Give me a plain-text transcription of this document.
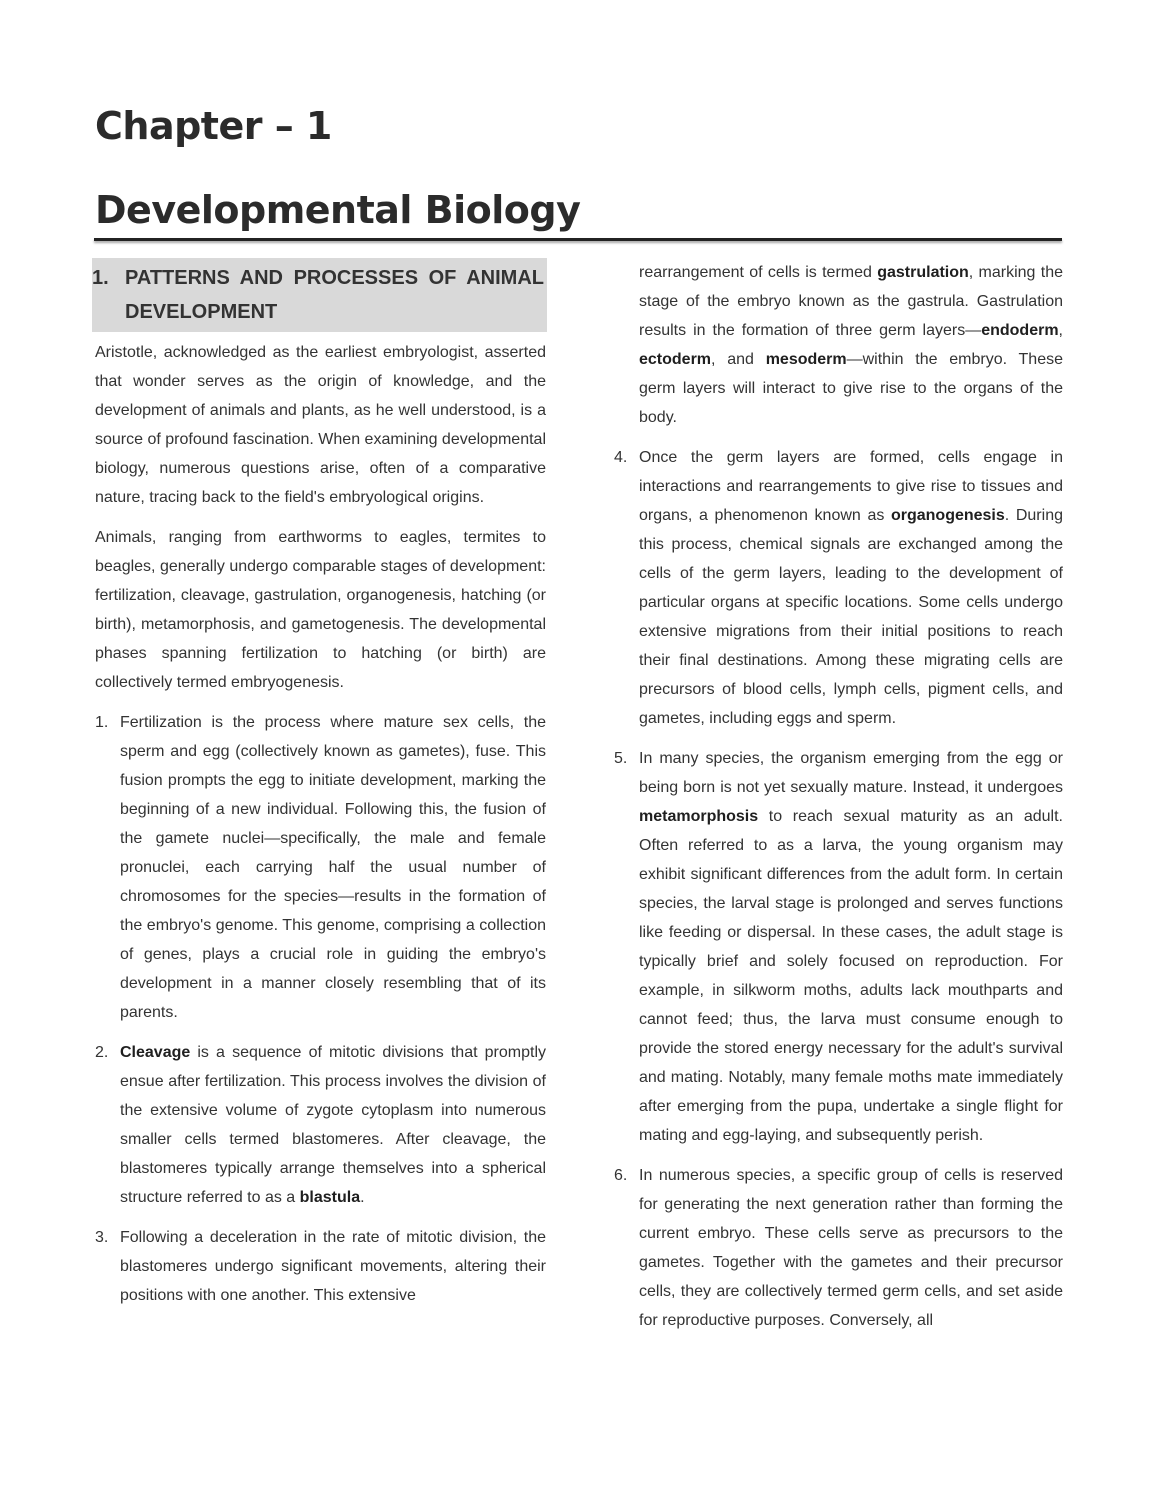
Chapter – 1
Developmental Biology
1. PATTERNS AND PROCESSES OF ANIMAL DEVELOPMENT

Aristotle, acknowledged as the earliest embryologist, asserted that wonder serves as the origin of knowledge, and the development of animals and plants, as he well understood, is a source of profound fascination. When examining developmental biology, numerous questions arise, often of a comparative nature, tracing back to the field's embryological origins.

Animals, ranging from earthworms to eagles, termites to beagles, generally undergo comparable stages of development: fertilization, cleavage, gastrulation, organogenesis, hatching (or birth), metamorphosis, and gametogenesis. The developmental phases spanning fertilization to hatching (or birth) are collectively termed embryogenesis.

1. Fertilization is the process where mature sex cells, the sperm and egg (collectively known as gametes), fuse. This fusion prompts the egg to initiate development, marking the beginning of a new individual. Following this, the fusion of the gamete nuclei—specifically, the male and female pronuclei, each carrying half the usual number of chromosomes for the species—results in the formation of the embryo's genome. This genome, comprising a collection of genes, plays a crucial role in guiding the embryo's development in a manner closely resembling that of its parents.
2. Cleavage is a sequence of mitotic divisions that promptly ensue after fertilization. This process involves the division of the extensive volume of zygote cytoplasm into numerous smaller cells termed blastomeres. After cleavage, the blastomeres typically arrange themselves into a spherical structure referred to as a blastula.
3. Following a deceleration in the rate of mitotic division, the blastomeres undergo significant movements, altering their positions with one another. This extensive
rearrangement of cells is termed gastrulation, marking the stage of the embryo known as the gastrula. Gastrulation results in the formation of three germ layers—endoderm, ectoderm, and mesoderm—within the embryo. These germ layers will interact to give rise to the organs of the body.
4. Once the germ layers are formed, cells engage in interactions and rearrangements to give rise to tissues and organs, a phenomenon known as organogenesis. During this process, chemical signals are exchanged among the cells of the germ layers, leading to the development of particular organs at specific locations. Some cells undergo extensive migrations from their initial positions to reach their final destinations. Among these migrating cells are precursors of blood cells, lymph cells, pigment cells, and gametes, including eggs and sperm.
5. In many species, the organism emerging from the egg or being born is not yet sexually mature. Instead, it undergoes metamorphosis to reach sexual maturity as an adult. Often referred to as a larva, the young organism may exhibit significant differences from the adult form. In certain species, the larval stage is prolonged and serves functions like feeding or dispersal. In these cases, the adult stage is typically brief and solely focused on reproduction. For example, in silkworm moths, adults lack mouthparts and cannot feed; thus, the larva must consume enough to provide the stored energy necessary for the adult's survival and mating. Notably, many female moths mate immediately after emerging from the pupa, undertake a single flight for mating and egg-laying, and subsequently perish.
6. In numerous species, a specific group of cells is reserved for generating the next generation rather than forming the current embryo. These cells serve as precursors to the gametes. Together with the gametes and their precursor cells, they are collectively termed germ cells, and set aside for reproductive purposes. Conversely, all
